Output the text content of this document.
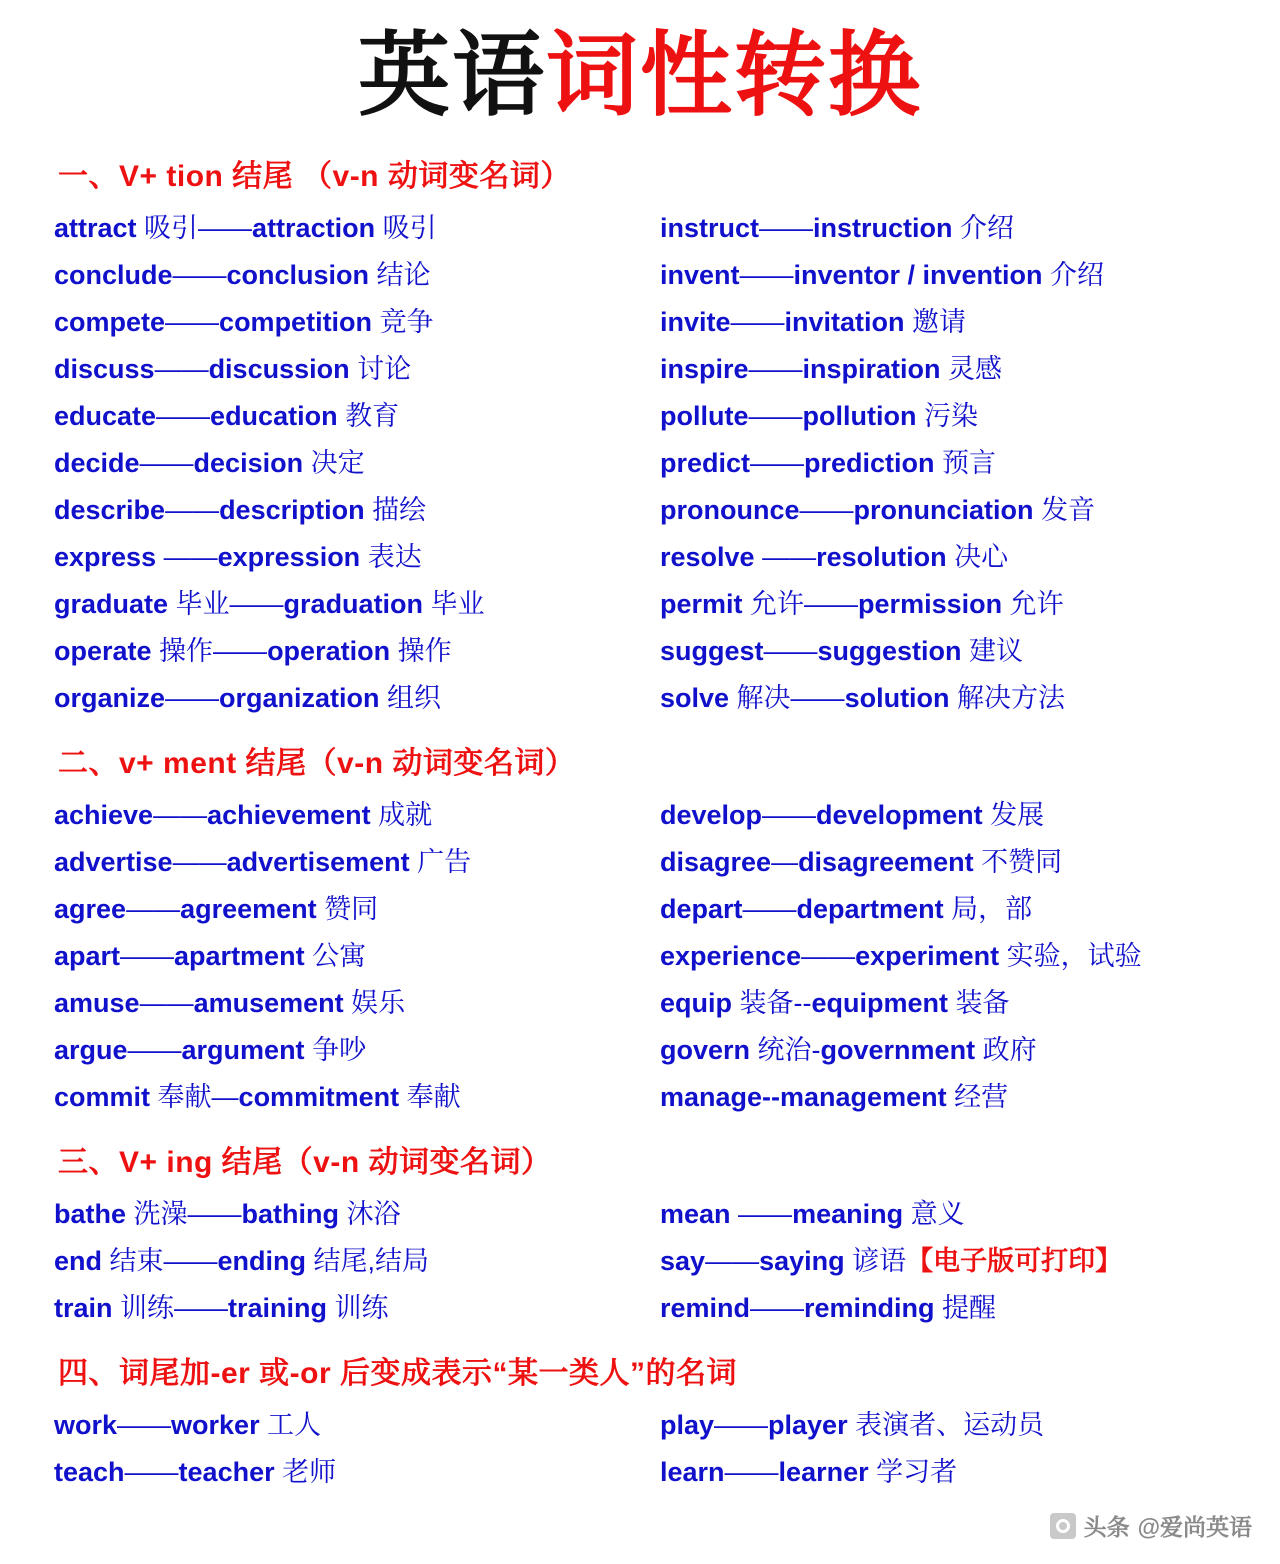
英语词性转换
一、V+ tion 结尾 （v-n 动词变名词）
attract 吸引——attraction 吸引	instruct——instruction 介绍
conclude——conclusion 结论	invent——inventor / invention 介绍
compete——competition 竞争	invite——invitation 邀请
discuss——discussion 讨论	inspire——inspiration 灵感
educate——education 教育	pollute——pollution 污染
decide——decision 决定	predict——prediction 预言
describe——description 描绘	pronounce——pronunciation 发音
express ——expression 表达	resolve ——resolution 决心
graduate 毕业——graduation 毕业	permit 允许——permission 允许
operate 操作——operation 操作	suggest——suggestion 建议
organize——organization 组织	solve 解决——solution 解决方法
二、v+ ment 结尾（v-n 动词变名词）
achieve——achievement 成就	develop——development 发展
advertise——advertisement 广告	disagree—disagreement 不赞同
agree——agreement 赞同	depart——department 局，部
apart——apartment 公寓	experience——experiment 实验，试验
amuse——amusement 娱乐	equip 装备--equipment 装备
argue——argument 争吵	govern 统治-government 政府
commit 奉献—commitment 奉献	manage--management 经营
三、V+ ing 结尾（v-n 动词变名词）
bathe 洗澡——bathing 沐浴	mean ——meaning 意义
end 结束——ending 结尾,结局	say——saying 谚语【电子版可打印】
train 训练——training 训练	remind——reminding 提醒
四、词尾加-er 或-or 后变成表示“某一类人”的名词
work——worker 工人	play——player 表演者、运动员
teach——teacher 老师	learn——learner 学习者
头条 @爱尚英语
